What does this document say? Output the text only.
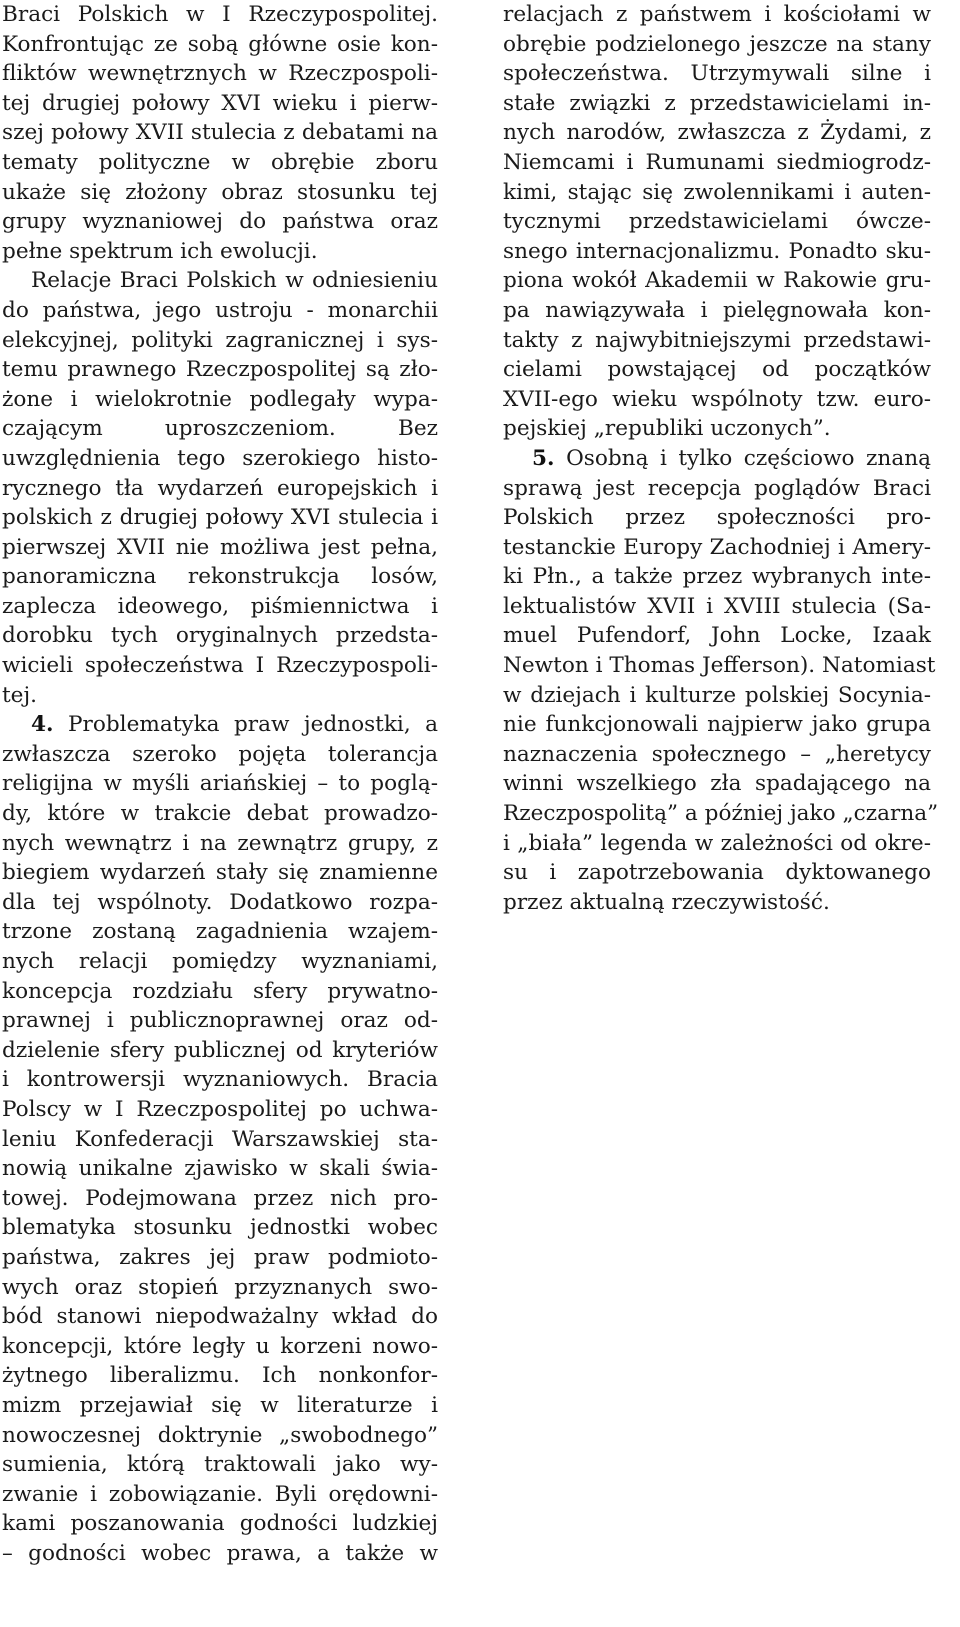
Braci Polskich w I Rzeczypospolitej.
Konfrontując ze sobą główne osie kon-
fliktów wewnętrznych w Rzeczpospoli-
tej drugiej połowy XVI wieku i pierw-
szej połowy XVII stulecia z debatami na
tematy polityczne w obrębie zboru
ukaże się złożony obraz stosunku tej
grupy wyznaniowej do państwa oraz
pełne spektrum ich ewolucji.
Relacje Braci Polskich w odniesieniu
do państwa, jego ustroju - monarchii
elekcyjnej, polityki zagranicznej i sys-
temu prawnego Rzeczpospolitej są zło-
żone i wielokrotnie podlegały wypa-
czającym uproszczeniom. Bez
uwzględnienia tego szerokiego histo-
rycznego tła wydarzeń europejskich i
polskich z drugiej połowy XVI stulecia i
pierwszej XVII nie możliwa jest pełna,
panoramiczna rekonstrukcja losów,
zaplecza ideowego, piśmiennictwa i
dorobku tych oryginalnych przedsta-
wicieli społeczeństwa I Rzeczypospoli-
tej.
4. Problematyka praw jednostki, a
zwłaszcza szeroko pojęta tolerancja
religijna w myśli ariańskiej – to poglą-
dy, które w trakcie debat prowadzo-
nych wewnątrz i na zewnątrz grupy, z
biegiem wydarzeń stały się znamienne
dla tej wspólnoty. Dodatkowo rozpa-
trzone zostaną zagadnienia wzajem-
nych relacji pomiędzy wyznaniami,
koncepcja rozdziału sfery prywatno-
prawnej i publicznoprawnej oraz od-
dzielenie sfery publicznej od kryteriów
i kontrowersji wyznaniowych. Bracia
Polscy w I Rzeczpospolitej po uchwa-
leniu Konfederacji Warszawskiej sta-
nowią unikalne zjawisko w skali świa-
towej. Podejmowana przez nich pro-
blematyka stosunku jednostki wobec
państwa, zakres jej praw podmioto-
wych oraz stopień przyznanych swo-
bód stanowi niepodważalny wkład do
koncepcji, które legły u korzeni nowo-
żytnego liberalizmu. Ich nonkonfor-
mizm przejawiał się w literaturze i
nowoczesnej doktrynie „swobodnego”
sumienia, którą traktowali jako wy-
zwanie i zobowiązanie. Byli orędowni-
kami poszanowania godności ludzkiej
– godności wobec prawa, a także w
relacjach z państwem i kościołami w
obrębie podzielonego jeszcze na stany
społeczeństwa. Utrzymywali silne i
stałe związki z przedstawicielami in-
nych narodów, zwłaszcza z Żydami, z
Niemcami i Rumunami siedmiogrodz-
kimi, stając się zwolennikami i auten-
tycznymi przedstawicielami ówcze-
snego internacjonalizmu. Ponadto sku-
piona wokół Akademii w Rakowie gru-
pa nawiązywała i pielęgnowała kon-
takty z najwybitniejszymi przedstawi-
cielami powstającej od początków
XVII-ego wieku wspólnoty tzw. euro-
pejskiej „republiki uczonych”.
5. Osobną i tylko częściowo znaną
sprawą jest recepcja poglądów Braci
Polskich przez społeczności pro-
testanckie Europy Zachodniej i Amery-
ki Płn., a także przez wybranych inte-
lektualistów XVII i XVIII stulecia (Sa-
muel Pufendorf, John Locke, Izaak
Newton i Thomas Jefferson). Natomiast
w dziejach i kulturze polskiej Socynia-
nie funkcjonowali najpierw jako grupa
naznaczenia społecznego – „heretycy
winni wszelkiego zła spadającego na
Rzeczpospolitą” a później jako „czarna”
i „biała” legenda w zależności od okre-
su i zapotrzebowania dyktowanego
przez aktualną rzeczywistość.
